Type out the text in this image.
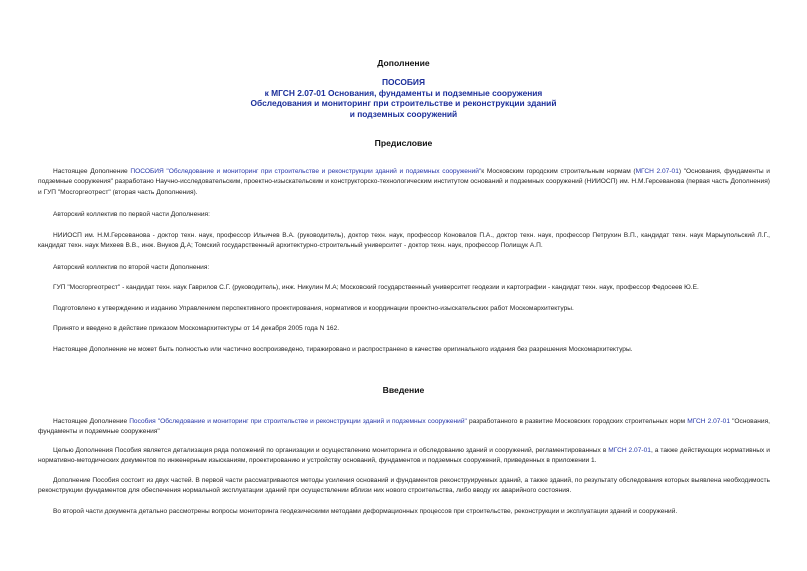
Дополнение
ПОСОБИЯ
к МГСН 2.07-01 Основания, фундаменты и подземные сооружения
Обследования и мониторинг при строительстве и реконструкции зданий
и подземных сооружений
Предисловие
Настоящее Дополнение ПОСОБИЯ "Обследование и мониторинг при строительстве и реконструкции зданий и подземных сооружений"к Московским городским строительным нормам (МГСН 2.07-01) "Основания, фундаменты и подземные сооружения" разработано Научно-исследовательским, проектно-изыскательским и конструкторско-технологическим институтом оснований и подземных сооружений (НИИОСП) им. Н.М.Герсеванова (первая часть Дополнения) и ГУП "Мосгоргеотрест" (вторая часть Дополнения).
Авторский коллектив по первой части Дополнения:
НИИОСП им. Н.М.Герсеванова - доктор техн. наук, профессор Ильичев В.А. (руководитель), доктор техн. наук, профессор Коновалов П.А., доктор техн. наук, профессор Петрухин В.П., кандидат техн. наук Марыупольский Л.Г., кандидат техн. наук Михеев В.В., инж. Внуков Д.А; Томский государственный архитектурно-строительный университет - доктор техн. наук, профессор Полищук А.П.
Авторский коллектив по второй части Дополнения:
ГУП "Мосгоргеотрест" - кандидат техн. наук Гаврилов С.Г. (руководитель), инж. Никулин М.А; Московский государственный университет геодезии и картографии - кандидат техн. наук, профессор Федосеев Ю.Е.
Подготовлено к утверждению и изданию Управлением перспективного проектирования, нормативов и координации проектно-изыскательских работ Москомархитектуры.
Принято и введено в действие приказом Москомархитектуры от 14 декабря 2005 года N 162.
Настоящее Дополнение не может быть полностью или частично воспроизведено, тиражировано и распространено в качестве оригинального издания без разрешения Москомархитектуры.
Введение
Настоящее Дополнение Пособия "Обследование и мониторинг при строительстве и реконструкции зданий и подземных сооружений" разработанного в развитие Московских городских строительных норм МГСН 2.07-01 "Основания, фундаменты и подземные сооружения"
Целью Дополнения Пособия является детализация ряда положений по организации и осуществлению мониторинга и обследованию зданий и сооружений, регламентированных в МГСН 2.07-01, а также действующих нормативных и нормативно-методических документов по инженерным изысканиям, проектированию и устройству оснований, фундаментов и подземных сооружений, приведенных в приложении 1.
Дополнение Пособия состоит из двух частей. В первой части рассматриваются методы усиления оснований и фундаментов реконструируемых зданий, а также зданий, по результату обследования которых выявлена необходимость реконструкции фундаментов для обеспечения нормальной эксплуатации зданий при осуществлении вблизи них нового строительства, либо вводу их аварийного состояния.
Во второй части документа детально рассмотрены вопросы мониторинга геодезическими методами деформационных процессов при строительстве, реконструкции и эксплуатации зданий и сооружений.
